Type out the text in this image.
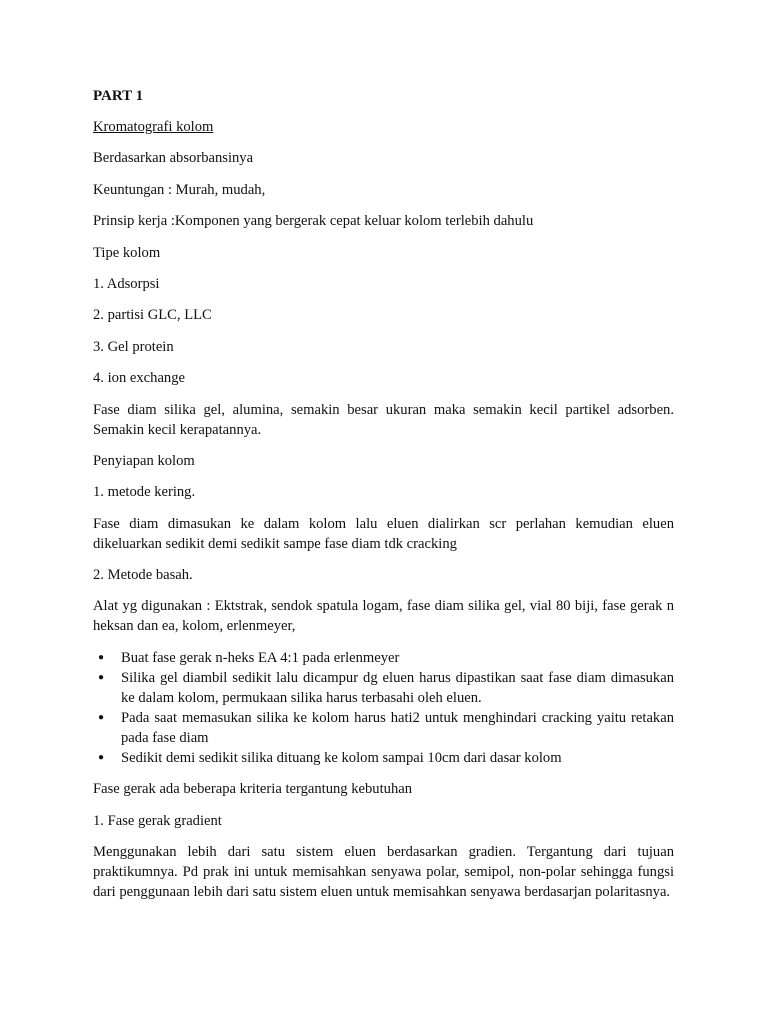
PART 1
Kromatografi kolom
Berdasarkan absorbansinya
Keuntungan : Murah, mudah,
Prinsip kerja :Komponen yang bergerak cepat keluar kolom terlebih dahulu
Tipe kolom
1. Adsorpsi
2. partisi GLC, LLC
3. Gel protein
4. ion exchange
Fase diam silika gel, alumina, semakin besar ukuran maka semakin kecil partikel adsorben. Semakin kecil kerapatannya.
Penyiapan kolom
1. metode kering.
Fase diam dimasukan ke dalam kolom lalu eluen dialirkan scr perlahan kemudian eluen dikeluarkan sedikit demi sedikit sampe fase diam tdk cracking
2. Metode basah.
Alat yg digunakan : Ektstrak, sendok spatula logam, fase diam silika gel, vial 80 biji, fase gerak n heksan dan ea, kolom, erlenmeyer,
● Buat fase gerak n-heks EA 4:1 pada erlenmeyer
● Silika gel diambil sedikit lalu dicampur dg eluen harus dipastikan saat fase diam dimasukan ke dalam kolom, permukaan silika harus terbasahi oleh eluen.
● Pada saat memasukan silika ke kolom harus hati2 untuk menghindari cracking yaitu retakan pada fase diam
● Sedikit demi sedikit silika dituang ke kolom sampai 10cm dari dasar kolom
Fase gerak ada beberapa kriteria tergantung kebutuhan
1. Fase gerak gradient
Menggunakan lebih dari satu sistem eluen berdasarkan gradien. Tergantung dari tujuan praktikumnya. Pd prak ini untuk memisahkan senyawa polar, semipol, non-polar sehingga fungsi dari penggunaan lebih dari satu sistem eluen untuk memisahkan senyawa berdasarjan polaritasnya.
